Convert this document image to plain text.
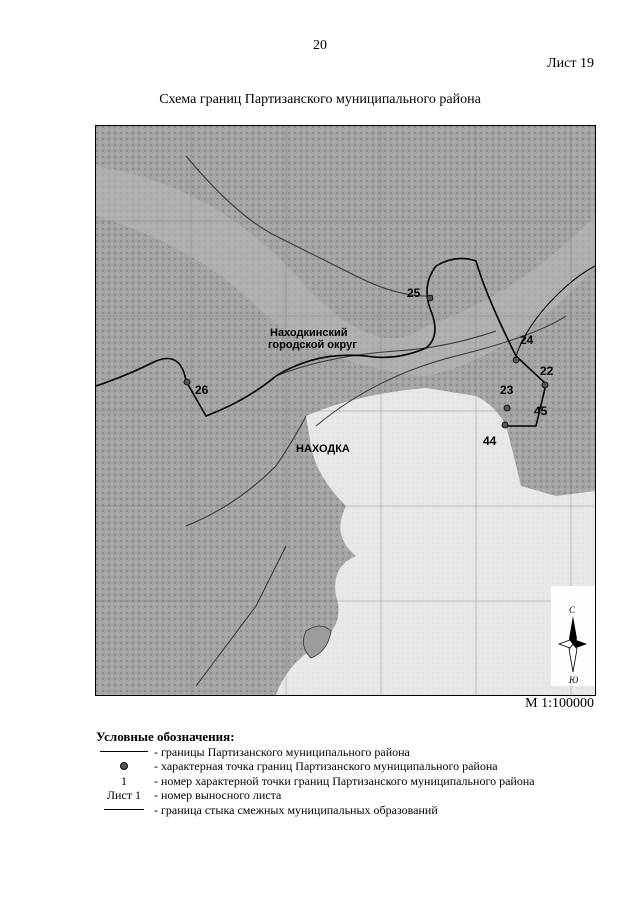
20
Лист 19
Схема границ Партизанского муниципального района
Находкинский
городской округ
НАХОДКА
25
24
22
23
45
44
26
С
Ю
М 1:100000
Условные обозначения:
- границы Партизанского муниципального района
- характерная точка границ Партизанского муниципального района
1	- номер характерной точки границ Партизанского муниципального района
Лист 1	- номер выносного листа
- граница стыка смежных муниципальных образований
